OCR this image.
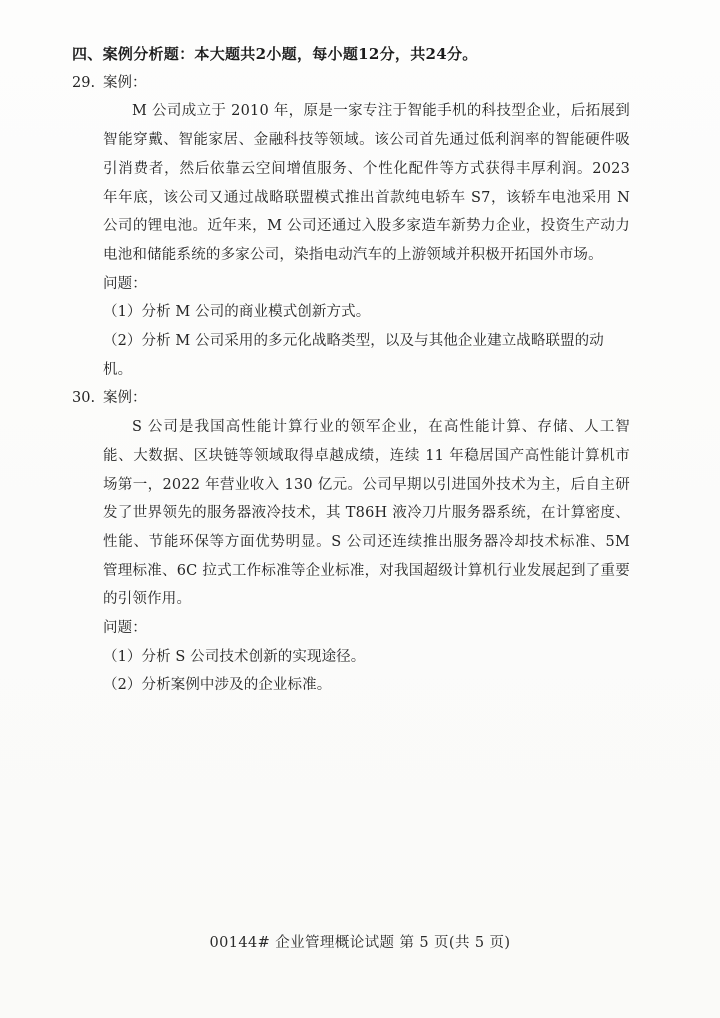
四、案例分析题：本大题共2小题，每小题12分，共24分。
29. 案例：

M 公司成立于 2010 年，原是一家专注于智能手机的科技型企业，后拓展到智能穿戴、智能家居、金融科技等领域。该公司首先通过低利润率的智能硬件吸引消费者，然后依靠云空间增值服务、个性化配件等方式获得丰厚利润。2023 年年底，该公司又通过战略联盟模式推出首款纯电轿车 S7，该轿车电池采用 N 公司的锂电池。近年来，M 公司还通过入股多家造车新势力企业，投资生产动力电池和储能系统的多家公司，染指电动汽车的上游领域并积极开拓国外市场。

问题：

（1）分析 M 公司的商业模式创新方式。

（2）分析 M 公司采用的多元化战略类型，以及与其他企业建立战略联盟的动机。

30. 案例：

S 公司是我国高性能计算行业的领军企业，在高性能计算、存储、人工智能、大数据、区块链等领域取得卓越成绩，连续 11 年稳居国产高性能计算机市场第一，2022 年营业收入 130 亿元。公司早期以引进国外技术为主，后自主研发了世界领先的服务器液冷技术，其 T86H 液冷刀片服务器系统，在计算密度、性能、节能环保等方面优势明显。S 公司还连续推出服务器冷却技术标准、5M 管理标准、6C 拉式工作标准等企业标准，对我国超级计算机行业发展起到了重要的引领作用。

问题：

（1）分析 S 公司技术创新的实现途径。

（2）分析案例中涉及的企业标准。

00144# 企业管理概论试题 第 5 页(共 5 页)
